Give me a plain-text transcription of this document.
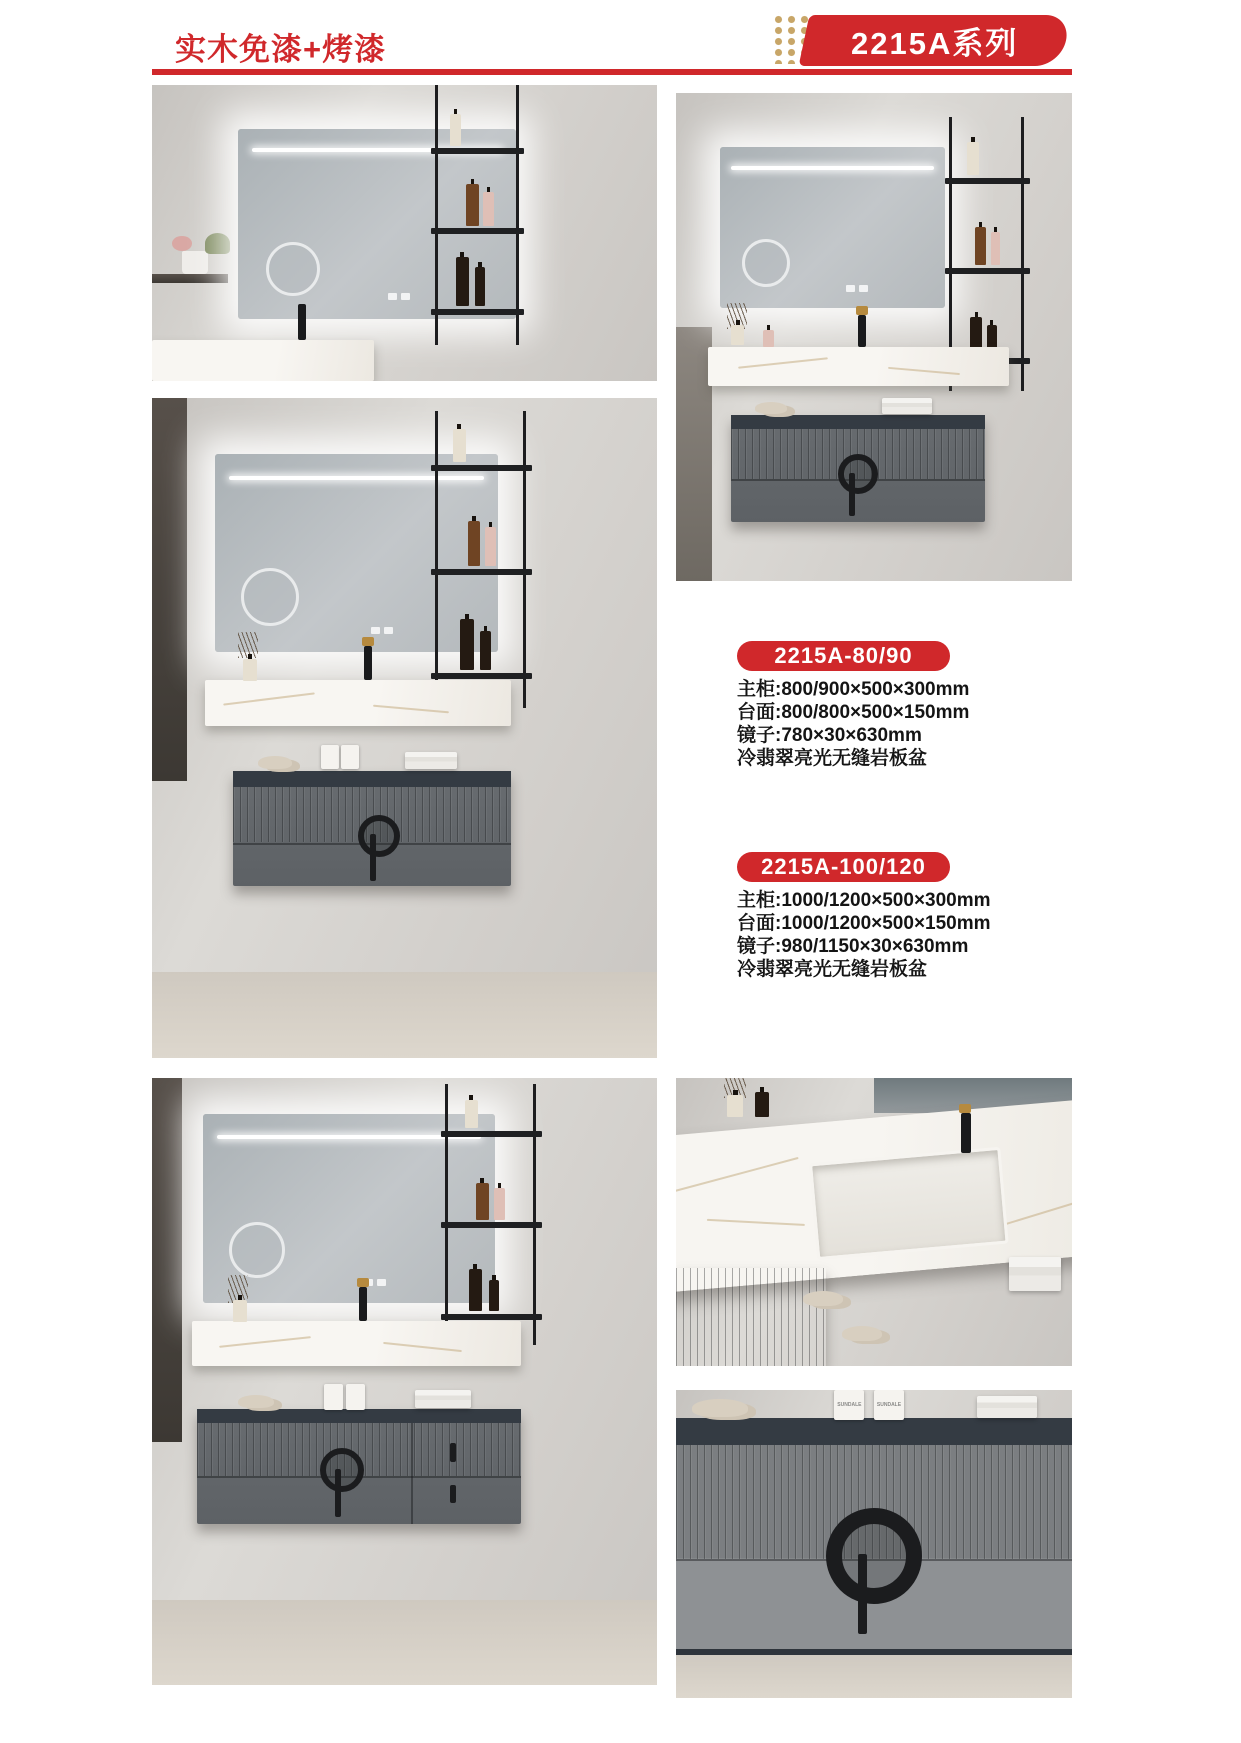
实木免漆+烤漆	2215A系列
2215A-80/90
主柜:800/900×500×300mm
台面:800/800×500×150mm
镜子:780×30×630mm
冷翡翠亮光无缝岩板盆
2215A-100/120
主柜:1000/1200×500×300mm
台面:1000/1200×500×150mm
镜子:980/1150×30×630mm
冷翡翠亮光无缝岩板盆
SUNDALE	SUNDALE
